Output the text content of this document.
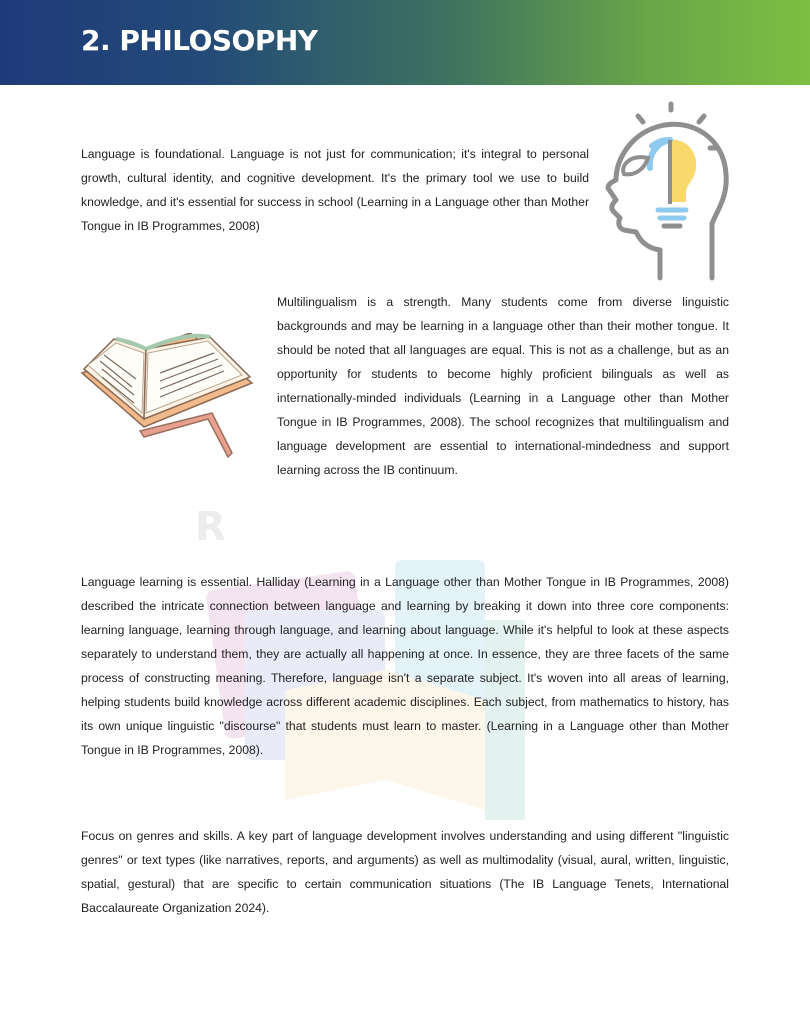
2. PHILOSOPHY

Language is foundational. Language is not just for communication; it's integral to personal growth, cultural identity, and cognitive development. It's the primary tool we use to build knowledge, and it's essential for success in school (Learning in a Language other than Mother Tongue in IB Programmes, 2008)

Multilingualism is a strength. Many students come from diverse linguistic backgrounds and may be learning in a language other than their mother tongue. It should be noted that all languages are equal. This is not as a challenge, but as an opportunity for students to become highly proficient bilinguals as well as internationally-minded individuals (Learning in a Language other than Mother Tongue in IB Programmes, 2008). The school recognizes that multilingualism and language development are essential to international-mindedness and support learning across the IB continuum.

R

Language learning is essential. Halliday (Learning in a Language other than Mother Tongue in IB Programmes, 2008) described the intricate connection between language and learning by breaking it down into three core components: learning language, learning through language, and learning about language. While it's helpful to look at these aspects separately to understand them, they are actually all happening at once. In essence, they are three facets of the same process of constructing meaning. Therefore, language isn't a separate subject. It's woven into all areas of learning, helping students build knowledge across different academic disciplines. Each subject, from mathematics to history, has its own unique linguistic "discourse" that students must learn to master. (Learning in a Language other than Mother Tongue in IB Programmes, 2008).

Focus on genres and skills. A key part of language development involves understanding and using different "linguistic genres" or text types (like narratives, reports, and arguments) as well as multimodality (visual, aural, written, linguistic, spatial, gestural) that are specific to certain communication situations (The IB Language Tenets, International Baccalaureate Organization 2024).
